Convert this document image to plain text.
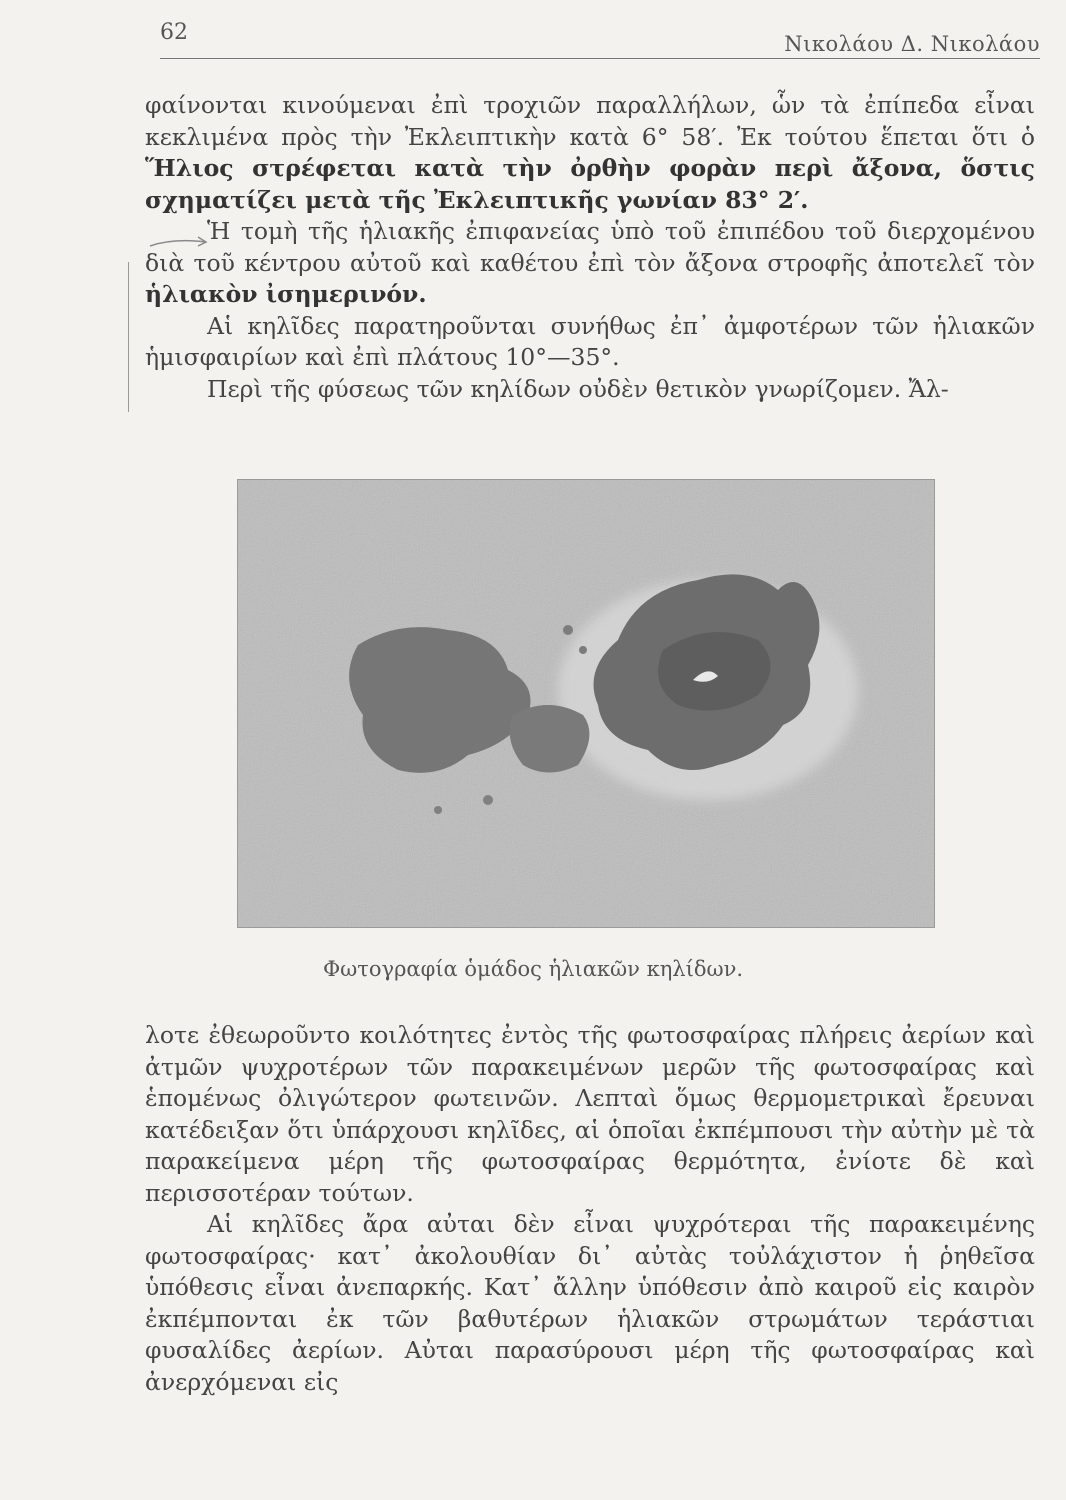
62	Νικολάου Δ. Νικολάου

φαίνονται κινούμεναι ἐπὶ τροχιῶν παραλλήλων, ὧν τὰ ἐπίπεδα εἶναι κεκλιμένα πρὸς τὴν Ἐκλειπτικὴν κατὰ 6° 58′. Ἐκ τούτου ἕπεται ὅτι ὁ Ἥλιος στρέφεται κατὰ τὴν ὀρθὴν φορὰν περὶ ἄξονα, ὅστις σχηματίζει μετὰ τῆς Ἐκλειπτικῆς γωνίαν 83° 2′.

Ἡ τομὴ τῆς ἡλιακῆς ἐπιφανείας ὑπὸ τοῦ ἐπιπέδου τοῦ διερχομένου διὰ τοῦ κέντρου αὐτοῦ καὶ καθέτου ἐπὶ τὸν ἄξονα στροφῆς ἀποτελεῖ τὸν ἡλιακὸν ἰσημερινόν.

Αἱ κηλῖδες παρατηροῦνται συνήθως ἐπ᾽ ἀμφοτέρων τῶν ἡλιακῶν ἡμισφαιρίων καὶ ἐπὶ πλάτους 10°—35°.

Περὶ τῆς φύσεως τῶν κηλίδων οὐδὲν θετικὸν γνωρίζομεν. Ἄλ-

Φωτογραφία ὁμάδος ἡλιακῶν κηλίδων.

λοτε ἐθεωροῦντο κοιλότητες ἐντὸς τῆς φωτοσφαίρας πλήρεις ἀερίων καὶ ἀτμῶν ψυχροτέρων τῶν παρακειμένων μερῶν τῆς φωτοσφαίρας καὶ ἑπομένως ὀλιγώτερον φωτεινῶν. Λεπταὶ ὅμως θερμομετρικαὶ ἔρευναι κατέδειξαν ὅτι ὑπάρχουσι κηλῖδες, αἱ ὁποῖαι ἐκπέμπουσι τὴν αὐτὴν μὲ τὰ παρακείμενα μέρη τῆς φωτοσφαίρας θερμότητα, ἐνίοτε δὲ καὶ περισσοτέραν τούτων.

Αἱ κηλῖδες ἄρα αὐται δὲν εἶναι ψυχρότεραι τῆς παρακειμένης φωτοσφαίρας· κατ᾽ ἀκολουθίαν δι᾽ αὐτὰς τοὐλάχιστον ἡ ῥηθεῖσα ὑπόθεσις εἶναι ἀνεπαρκής. Κατ᾽ ἄλλην ὑπόθεσιν ἀπὸ καιροῦ εἰς καιρὸν ἐκπέμπονται ἐκ τῶν βαθυτέρων ἡλιακῶν στρωμάτων τεράστιαι φυσαλίδες ἀερίων. Αὐται παρασύρουσι μέρη τῆς φωτοσφαίρας καὶ ἀνερχόμεναι εἰς
